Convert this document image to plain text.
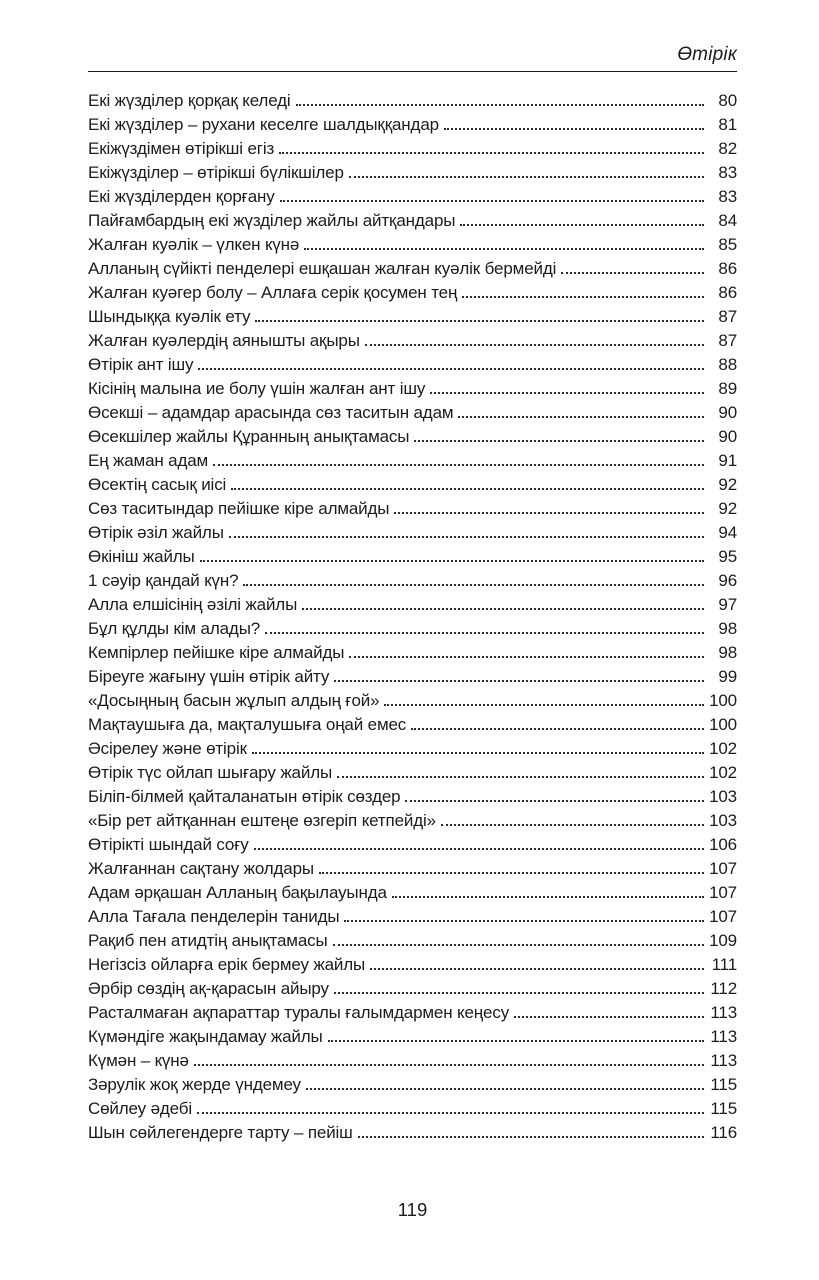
Өтірік
Екі жүзділер қорқақ келеді	80
Екі жүзділер – рухани кеселге шалдыққандар	81
Екіжүздімен өтірікші егіз	82
Екіжүзділер – өтірікші бүлікшілер	83
Екі жүзділерден қорғану	83
Пайғамбардың екі жүзділер жайлы айтқандары	84
Жалған куәлік – үлкен күнә	85
Алланың сүйікті пенделері ешқашан жалған куәлік бермейді	86
Жалған куәгер болу – Аллаға серік қосумен тең	86
Шындыққа куәлік ету	87
Жалған куәлердің аянышты ақыры	87
Өтірік ант ішу	88
Кісінің малына ие болу үшін жалған ант ішу	89
Өсекші – адамдар арасында сөз таситын адам	90
Өсекшілер жайлы Құранның анықтамасы	90
Ең жаман адам	91
Өсектің сасық иісі	92
Сөз таситындар пейішке кіре алмайды	92
Өтірік әзіл жайлы	94
Өкініш жайлы	95
1 сәуір қандай күн?	96
Алла елшісінің әзілі жайлы	97
Бұл құлды кім алады?	98
Кемпірлер пейішке кіре алмайды	98
Біреуге жағыну үшін өтірік айту	99
«Досыңның басын жұлып алдың ғой»	100
Мақтаушыға да, мақталушыға оңай емес	100
Әсірелеу және өтірік	102
Өтірік түс ойлап шығару жайлы	102
Біліп-білмей қайталанатын өтірік сөздер	103
«Бір рет айтқаннан ештеңе өзгеріп кетпейді»	103
Өтірікті шындай соғу	106
Жалғаннан сақтану жолдары	107
Адам әрқашан Алланың бақылауында	107
Алла Тағала пенделерін таниды	107
Рақиб пен атидтің анықтамасы	109
Негізсіз ойларға ерік бермеу жайлы	111
Әрбір сөздің ақ-қарасын айыру	112
Расталмаған ақпараттар туралы ғалымдармен кеңесу	113
Күмәндіге жақындамау жайлы	113
Күмән – күнә	113
Зәрулік жоқ жерде үндемеу	115
Сөйлеу әдебі	115
Шын сөйлегендерге тарту – пейіш	116
119
